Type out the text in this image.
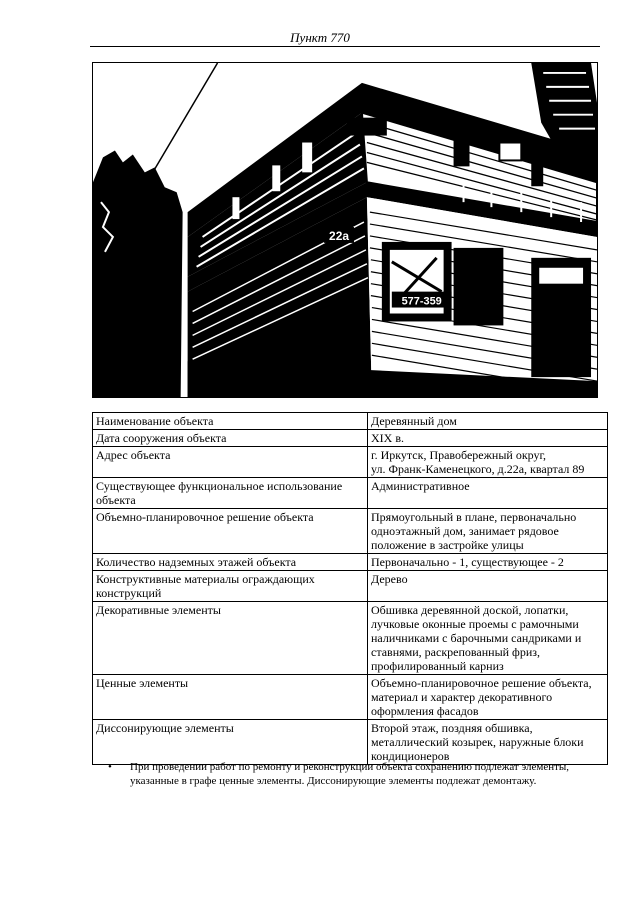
Пункт 770
22а
577-359
Наименование объекта	Деревянный дом
Дата сооружения объекта	XIX в.
Адрес объекта	г. Иркутск, Правобережный округ,
ул. Франк-Каменецкого, д.22а, квартал 89
Существующее функциональное использование объекта	Административное
Объемно-планировочное решение объекта	Прямоугольный в плане, первоначально одноэтажный дом, занимает рядовое положение в застройке улицы
Количество надземных этажей объекта	Первоначально - 1, существующее - 2
Конструктивные материалы ограждающих конструкций	Дерево
Декоративные элементы	Обшивка деревянной доской, лопатки, лучковые оконные проемы с рамочными наличниками с барочными сандриками и ставнями, раскрепованный фриз, профилированный карниз
Ценные элементы	Объемно-планировочное решение объекта, материал и характер декоративного оформления фасадов
Диссонирующие элементы	Второй этаж, поздняя обшивка, металлический козырек, наружные блоки кондиционеров
• При проведении работ по ремонту и реконструкции объекта сохранению подлежат элементы, указанные в графе ценные элементы. Диссонирующие элементы подлежат демонтажу.
